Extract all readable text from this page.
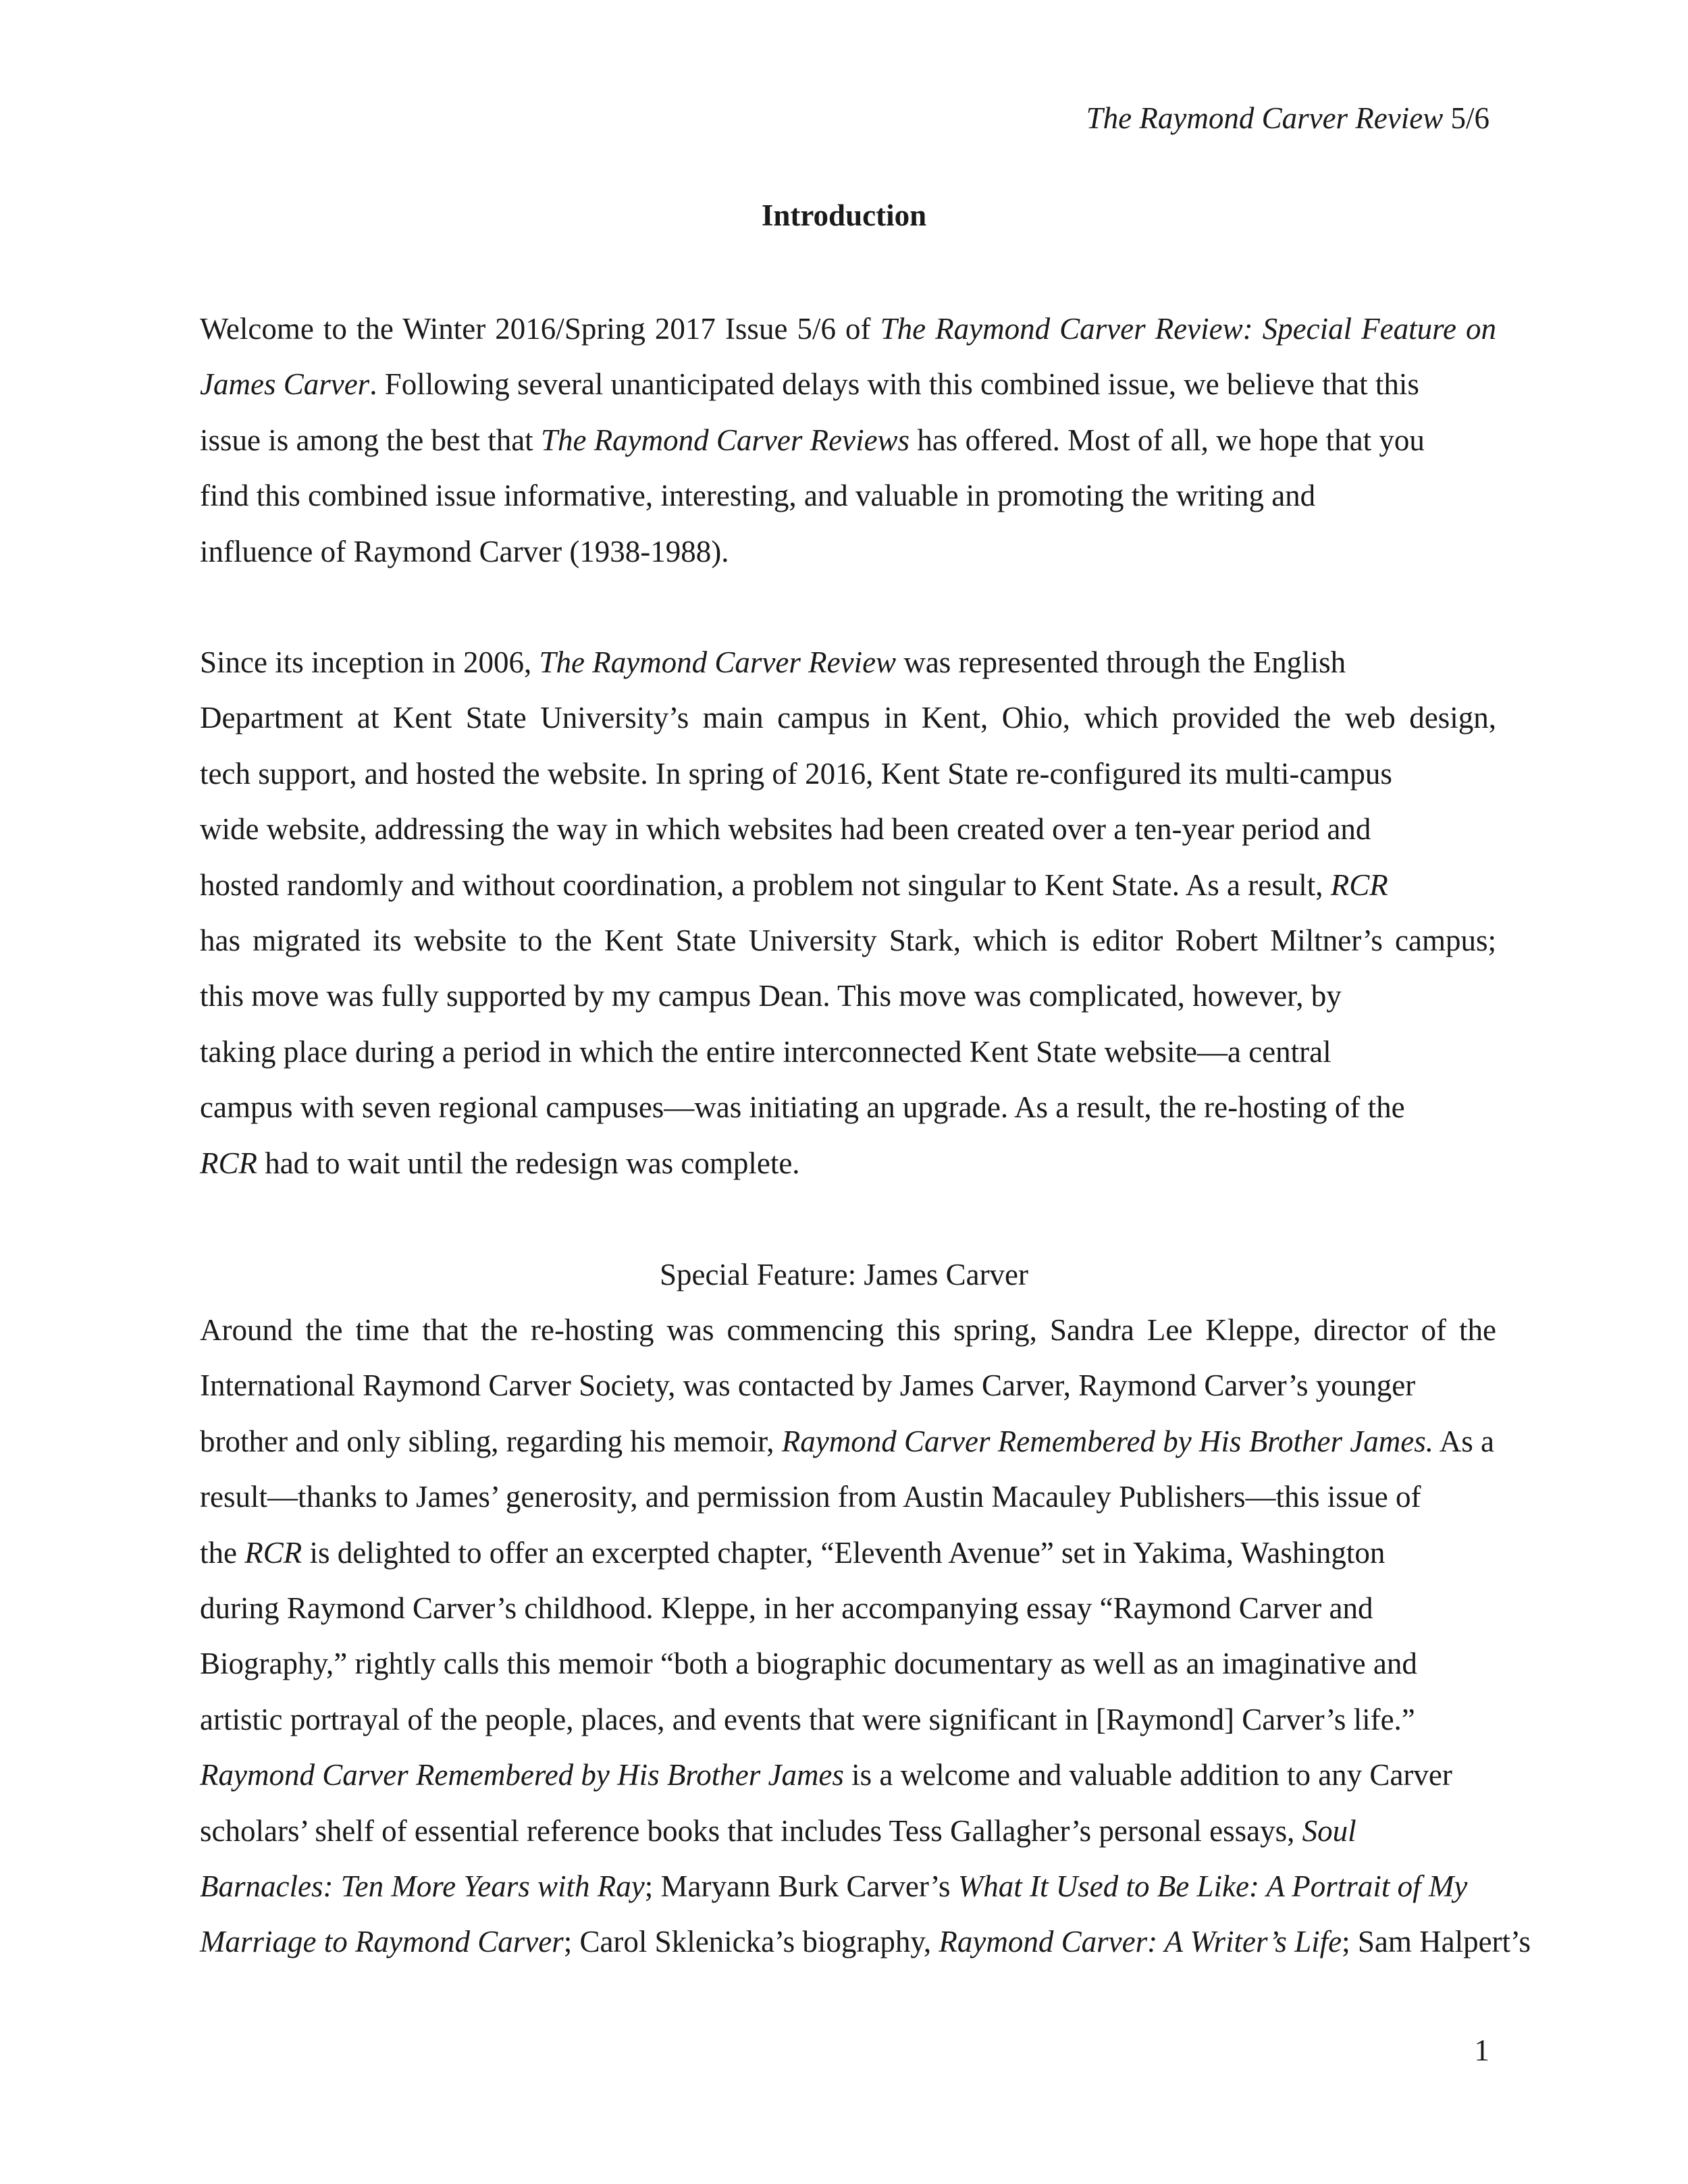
The Raymond Carver Review 5/6
Introduction

Welcome to the Winter 2016/Spring 2017 Issue 5/6 of The Raymond Carver Review: Special Feature on
James Carver. Following several unanticipated delays with this combined issue, we believe that this
issue is among the best that The Raymond Carver Reviews has offered. Most of all, we hope that you
find this combined issue informative, interesting, and valuable in promoting the writing and
influence of Raymond Carver (1938-1988).

Since its inception in 2006, The Raymond Carver Review was represented through the English
Department at Kent State University’s main campus in Kent, Ohio, which provided the web design,
tech support, and hosted the website. In spring of 2016, Kent State re-configured its multi-campus
wide website, addressing the way in which websites had been created over a ten-year period and
hosted randomly and without coordination, a problem not singular to Kent State. As a result, RCR
has migrated its website to the Kent State University Stark, which is editor Robert Miltner’s campus;
this move was fully supported by my campus Dean. This move was complicated, however, by
taking place during a period in which the entire interconnected Kent State website—a central
campus with seven regional campuses—was initiating an upgrade. As a result, the re-hosting of the
RCR had to wait until the redesign was complete.

Special Feature: James Carver

Around the time that the re-hosting was commencing this spring, Sandra Lee Kleppe, director of the
International Raymond Carver Society, was contacted by James Carver, Raymond Carver’s younger
brother and only sibling, regarding his memoir, Raymond Carver Remembered by His Brother James. As a
result—thanks to James’ generosity, and permission from Austin Macauley Publishers—this issue of
the RCR is delighted to offer an excerpted chapter, “Eleventh Avenue” set in Yakima, Washington
during Raymond Carver’s childhood. Kleppe, in her accompanying essay “Raymond Carver and
Biography,” rightly calls this memoir “both a biographic documentary as well as an imaginative and
artistic portrayal of the people, places, and events that were significant in [Raymond] Carver’s life.”
Raymond Carver Remembered by His Brother James is a welcome and valuable addition to any Carver
scholars’ shelf of essential reference books that includes Tess Gallagher’s personal essays, Soul
Barnacles: Ten More Years with Ray; Maryann Burk Carver’s What It Used to Be Like: A Portrait of My
Marriage to Raymond Carver; Carol Sklenicka’s biography, Raymond Carver: A Writer’s Life; Sam Halpert’s

1
